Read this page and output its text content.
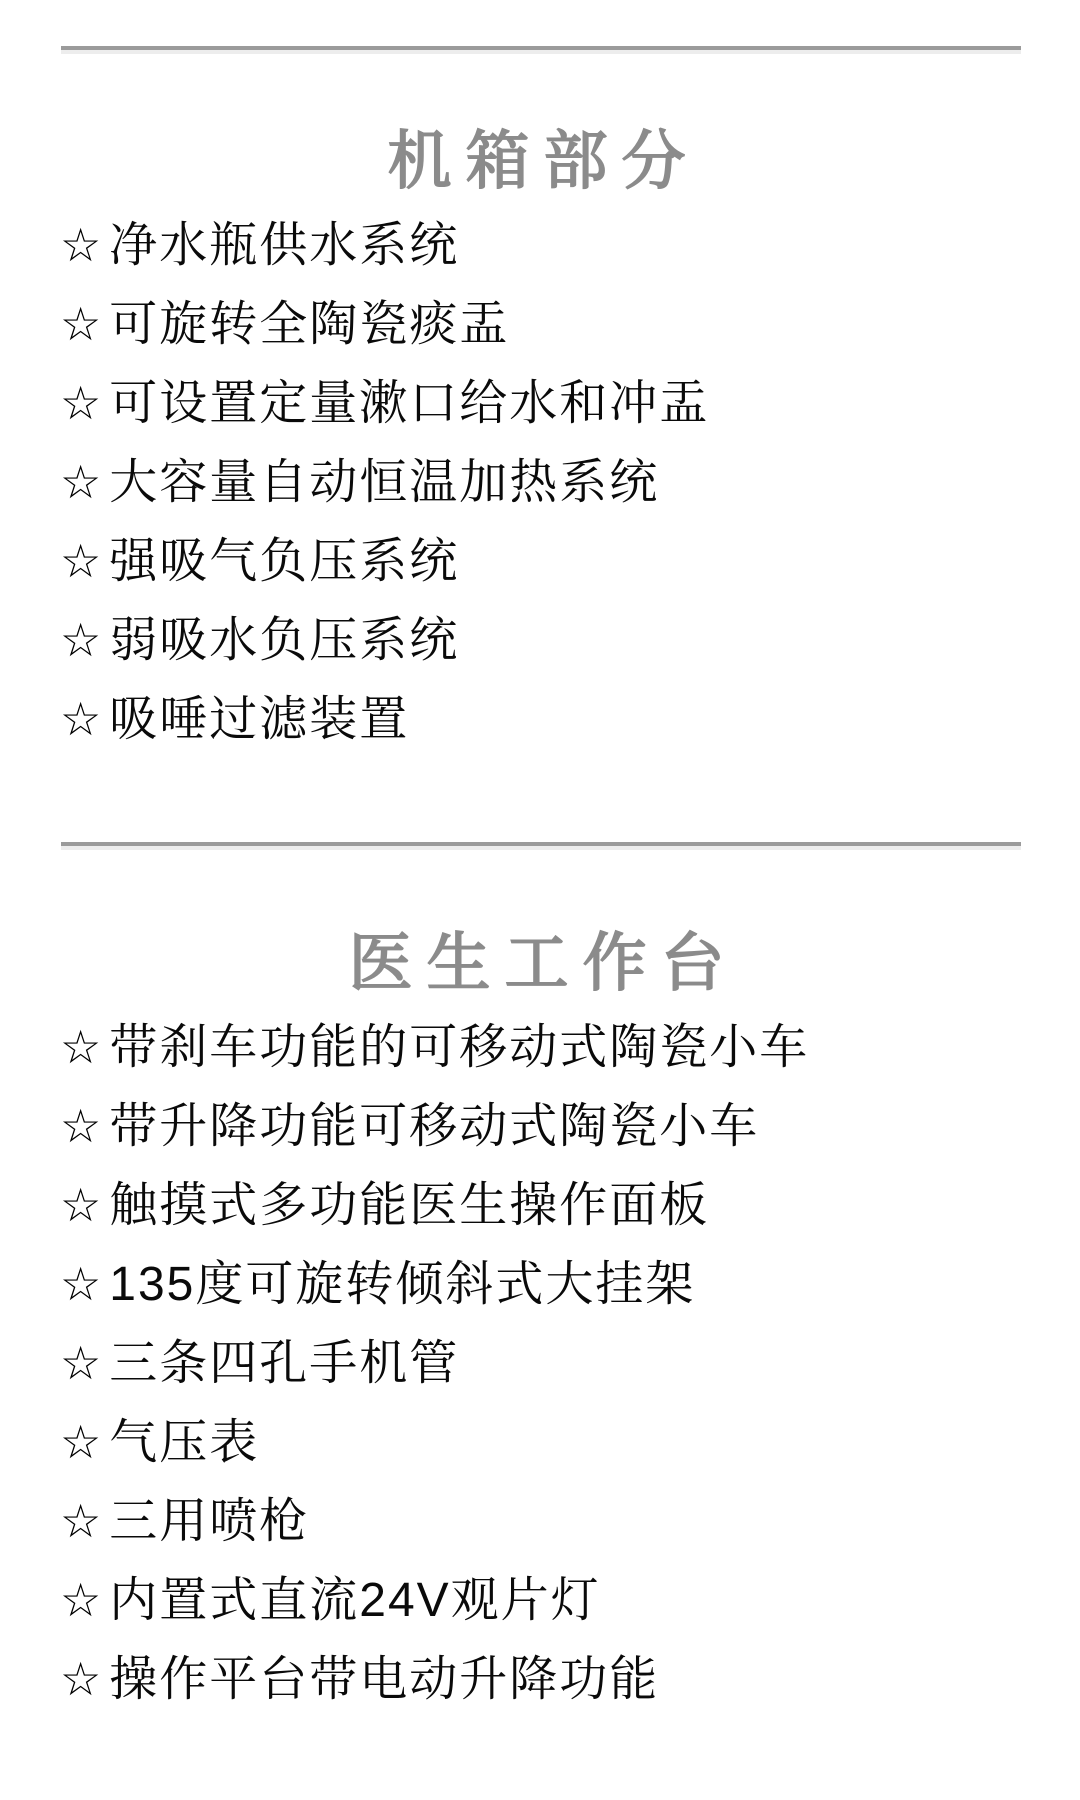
机箱部分
☆ 净水瓶供水系统
☆ 可旋转全陶瓷痰盂
☆ 可设置定量漱口给水和冲盂
☆ 大容量自动恒温加热系统
☆ 强吸气负压系统
☆ 弱吸水负压系统
☆ 吸唾过滤装置
医生工作台
☆ 带刹车功能的可移动式陶瓷小车
☆ 带升降功能可移动式陶瓷小车
☆ 触摸式多功能医生操作面板
☆ 135度可旋转倾斜式大挂架
☆ 三条四孔手机管
☆ 气压表
☆ 三用喷枪
☆ 内置式直流24V观片灯
☆ 操作平台带电动升降功能
